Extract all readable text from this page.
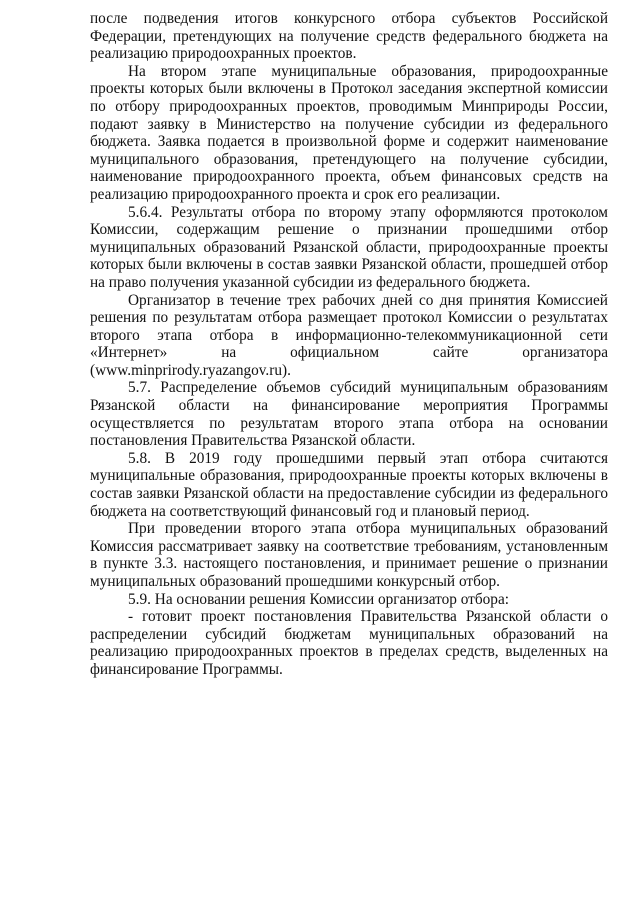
после подведения итогов конкурсного отбора субъектов Российской Федерации, претендующих на получение средств федерального бюджета на реализацию природоохранных проектов.

На втором этапе муниципальные образования, природоохранные проекты которых были включены в Протокол заседания экспертной комиссии по отбору природоохранных проектов, проводимым Минприроды России, подают заявку в Министерство на получение субсидии из федерального бюджета. Заявка подается в произвольной форме и содержит наименование муниципального образования, претендующего на получение субсидии, наименование природоохранного проекта, объем финансовых средств на реализацию природоохранного проекта и срок его реализации.

5.6.4. Результаты отбора по второму этапу оформляются протоколом Комиссии, содержащим решение о признании прошедшими отбор муниципальных образований Рязанской области, природоохранные проекты которых были включены в состав заявки Рязанской области, прошедшей отбор на право получения указанной субсидии из федерального бюджета.

Организатор в течение трех рабочих дней со дня принятия Комиссией решения по результатам отбора размещает протокол Комиссии о результатах второго этапа отбора в информационно-телекоммуникационной сети «Интернет» на официальном сайте организатора (www.minprirody.ryazangov.ru).

5.7. Распределение объемов субсидий муниципальным образованиям Рязанской области на финансирование мероприятия Программы осуществляется по результатам второго этапа отбора на основании постановления Правительства Рязанской области.

5.8. В 2019 году прошедшими первый этап отбора считаются муниципальные образования, природоохранные проекты которых включены в состав заявки Рязанской области на предоставление субсидии из федерального бюджета на соответствующий финансовый год и плановый период.

При проведении второго этапа отбора муниципальных образований Комиссия рассматривает заявку на соответствие требованиям, установленным в пункте 3.3. настоящего постановления, и принимает решение о признании муниципальных образований прошедшими конкурсный отбор.

5.9. На основании решения Комиссии организатор отбора:

- готовит проект постановления Правительства Рязанской области о распределении субсидий бюджетам муниципальных образований на реализацию природоохранных проектов в пределах средств, выделенных на финансирование Программы.
